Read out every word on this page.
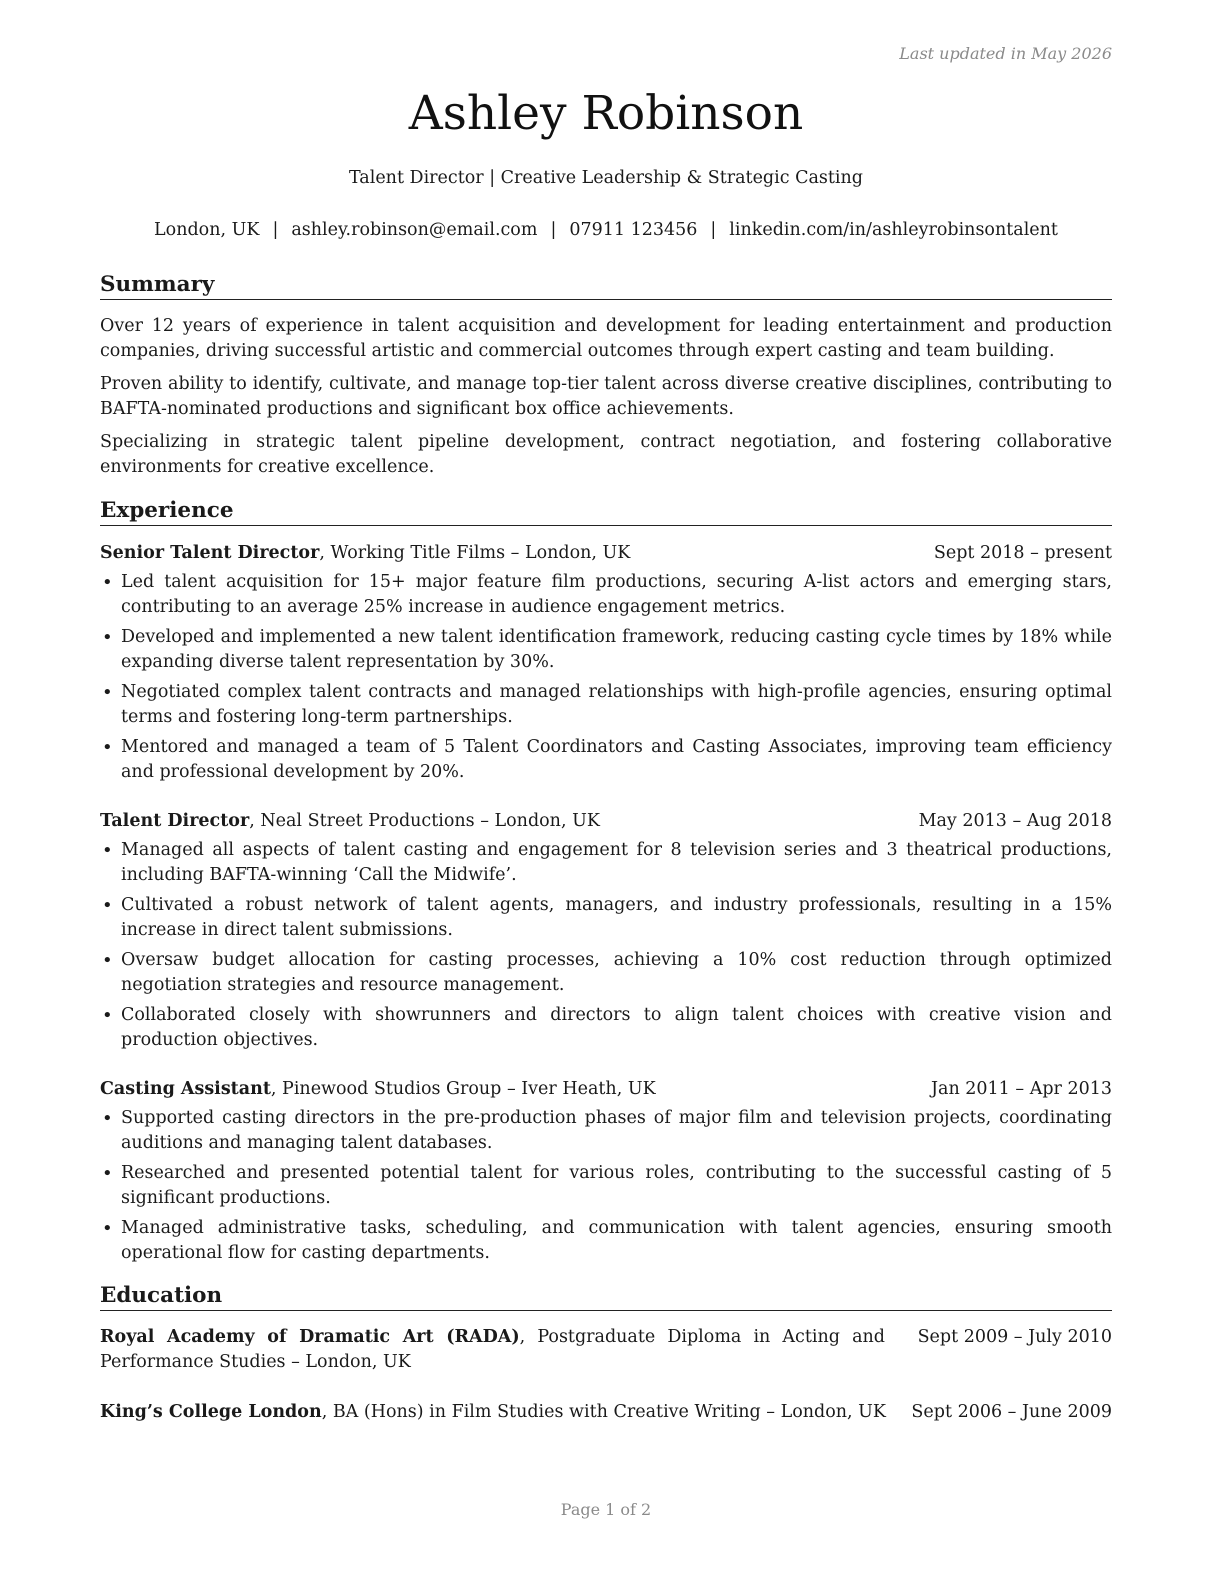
Last updated in May 2026
Ashley Robinson
Talent Director | Creative Leadership & Strategic Casting
London, UK | ashley.robinson@email.com | 07911 123456 | linkedin.com/in/ashleyrobinsontalent
Summary

Over 12 years of experience in talent acquisition and development for leading entertainment and production companies, driving successful artistic and commercial outcomes through expert casting and team building.

Proven ability to identify, cultivate, and manage top-tier talent across diverse creative disciplines, contributing to BAFTA-nominated productions and significant box office achievements.

Specializing in strategic talent pipeline development, contract negotiation, and fostering collaborative environments for creative excellence.

Experience
Senior Talent Director, Working Title Films – London, UK	Sept 2018 – present
• Led talent acquisition for 15+ major feature film productions, securing A-list actors and emerging stars, contributing to an average 25% increase in audience engagement metrics.
• Developed and implemented a new talent identification framework, reducing casting cycle times by 18% while expanding diverse talent representation by 30%.
• Negotiated complex talent contracts and managed relationships with high-profile agencies, ensuring optimal terms and fostering long-term partnerships.
• Mentored and managed a team of 5 Talent Coordinators and Casting Associates, improving team efficiency and professional development by 20%.
Talent Director, Neal Street Productions – London, UK	May 2013 – Aug 2018
• Managed all aspects of talent casting and engagement for 8 television series and 3 theatrical productions, including BAFTA-winning ‘Call the Midwife’.
• Cultivated a robust network of talent agents, managers, and industry professionals, resulting in a 15% increase in direct talent submissions.
• Oversaw budget allocation for casting processes, achieving a 10% cost reduction through optimized negotiation strategies and resource management.
• Collaborated closely with showrunners and directors to align talent choices with creative vision and production objectives.
Casting Assistant, Pinewood Studios Group – Iver Heath, UK	Jan 2011 – Apr 2013
• Supported casting directors in the pre-production phases of major film and television projects, coordinating auditions and managing talent databases.
• Researched and presented potential talent for various roles, contributing to the successful casting of 5 significant productions.
• Managed administrative tasks, scheduling, and communication with talent agencies, ensuring smooth operational flow for casting departments.
Education
Royal Academy of Dramatic Art (RADA), Postgraduate Diploma in Acting and Performance Studies – London, UK
Sept 2009 – July 2010
King’s College London, BA (Hons) in Film Studies with Creative Writing – London, UK Sept 2006 – June 2009
Page 1 of 2
